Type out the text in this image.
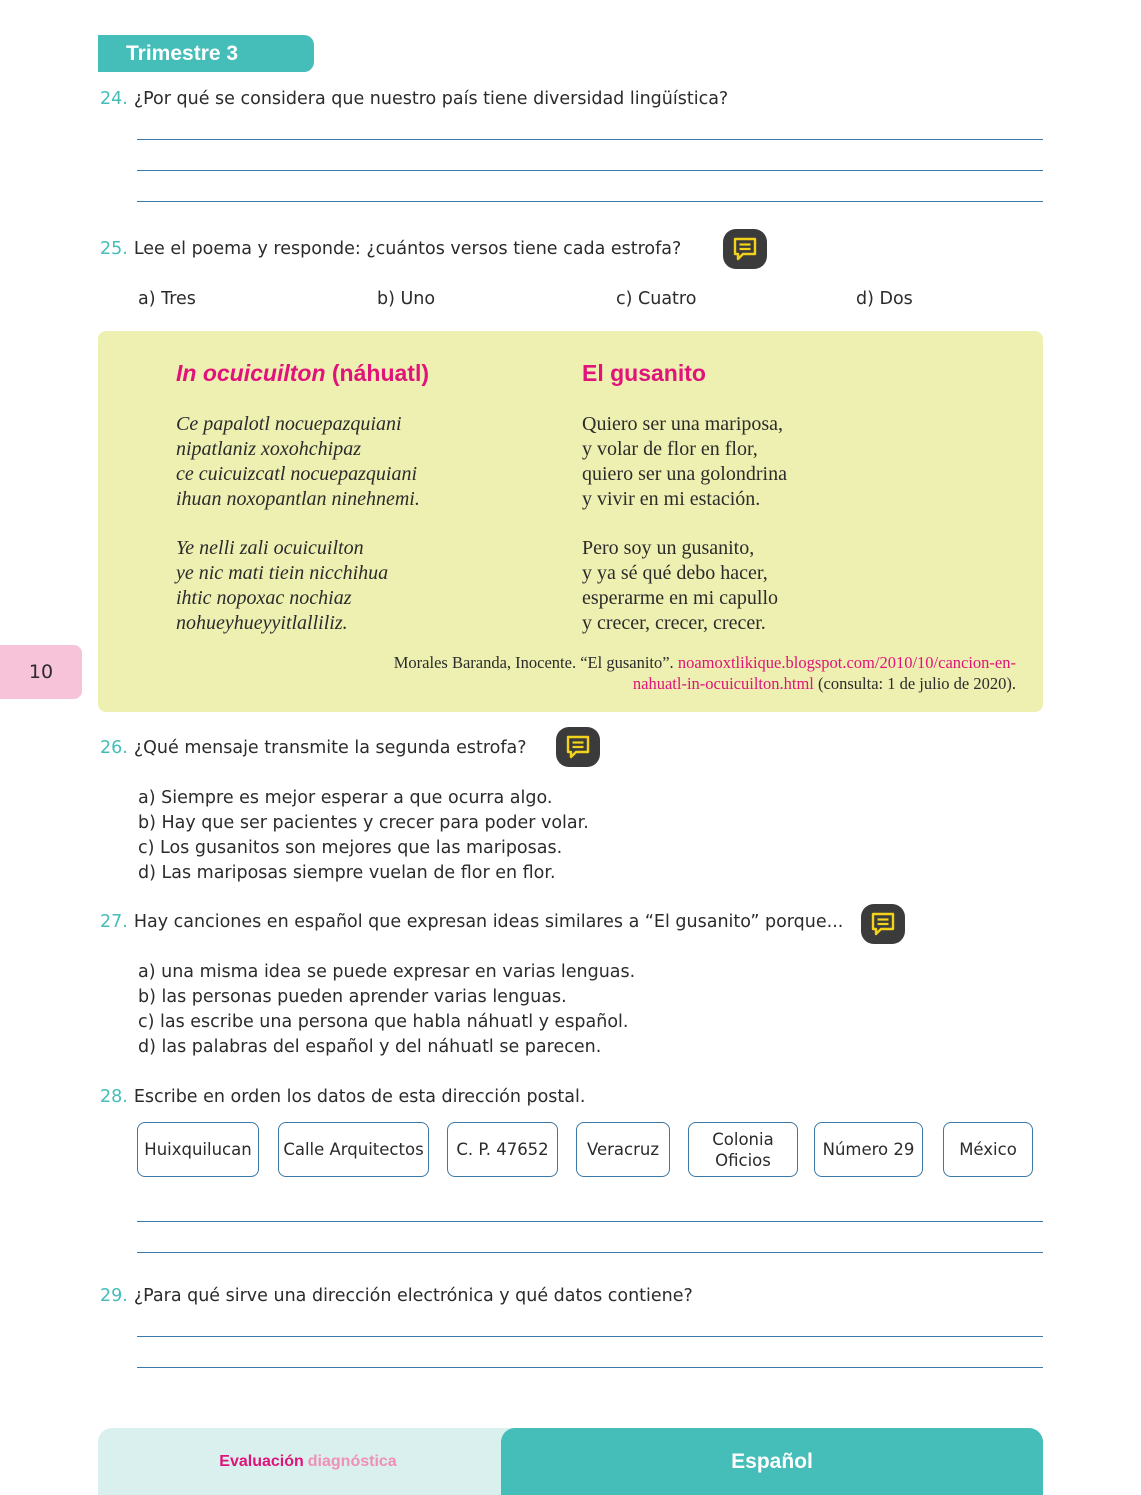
Trimestre 3
24. ¿Por qué se considera que nuestro país tiene diversidad lingüística?
25. Lee el poema y responde: ¿cuántos versos tiene cada estrofa?
a) Tres	b) Uno	c) Cuatro	d) Dos
In ocuicuilton (náhuatl)	El gusanito
Ce papalotl nocuepazquiani
nipatlaniz xoxohchipaz
ce cuicuizcatl nocuepazquiani
ihuan noxopantlan ninehnemi.
Ye nelli zali ocuicuilton
ye nic mati tiein nicchihua
ihtic nopoxac nochiaz
nohueyhueyyitlalliliz.
Quiero ser una mariposa,
y volar de flor en flor,
quiero ser una golondrina
y vivir en mi estación.
Pero soy un gusanito,
y ya sé qué debo hacer,
esperarme en mi capullo
y crecer, crecer, crecer.
Morales Baranda, Inocente. “El gusanito”. noamoxtlikique.blogspot.com/2010/10/cancion-en-
nahuatl-in-ocuicuilton.html (consulta: 1 de julio de 2020).
10
26. ¿Qué mensaje transmite la segunda estrofa?
a) Siempre es mejor esperar a que ocurra algo.
b) Hay que ser pacientes y crecer para poder volar.
c) Los gusanitos son mejores que las mariposas.
d) Las mariposas siempre vuelan de flor en flor.
27. Hay canciones en español que expresan ideas similares a “El gusanito” porque...
a) una misma idea se puede expresar en varias lenguas.
b) las personas pueden aprender varias lenguas.
c) las escribe una persona que habla náhuatl y español.
d) las palabras del español y del náhuatl se parecen.
28. Escribe en orden los datos de esta dirección postal.
Huixquilucan	Calle Arquitectos	C. P. 47652	Veracruz
Colonia Oficios
Número 29	México
29. ¿Para qué sirve una dirección electrónica y qué datos contiene?
Evaluación diagnóstica	Español
